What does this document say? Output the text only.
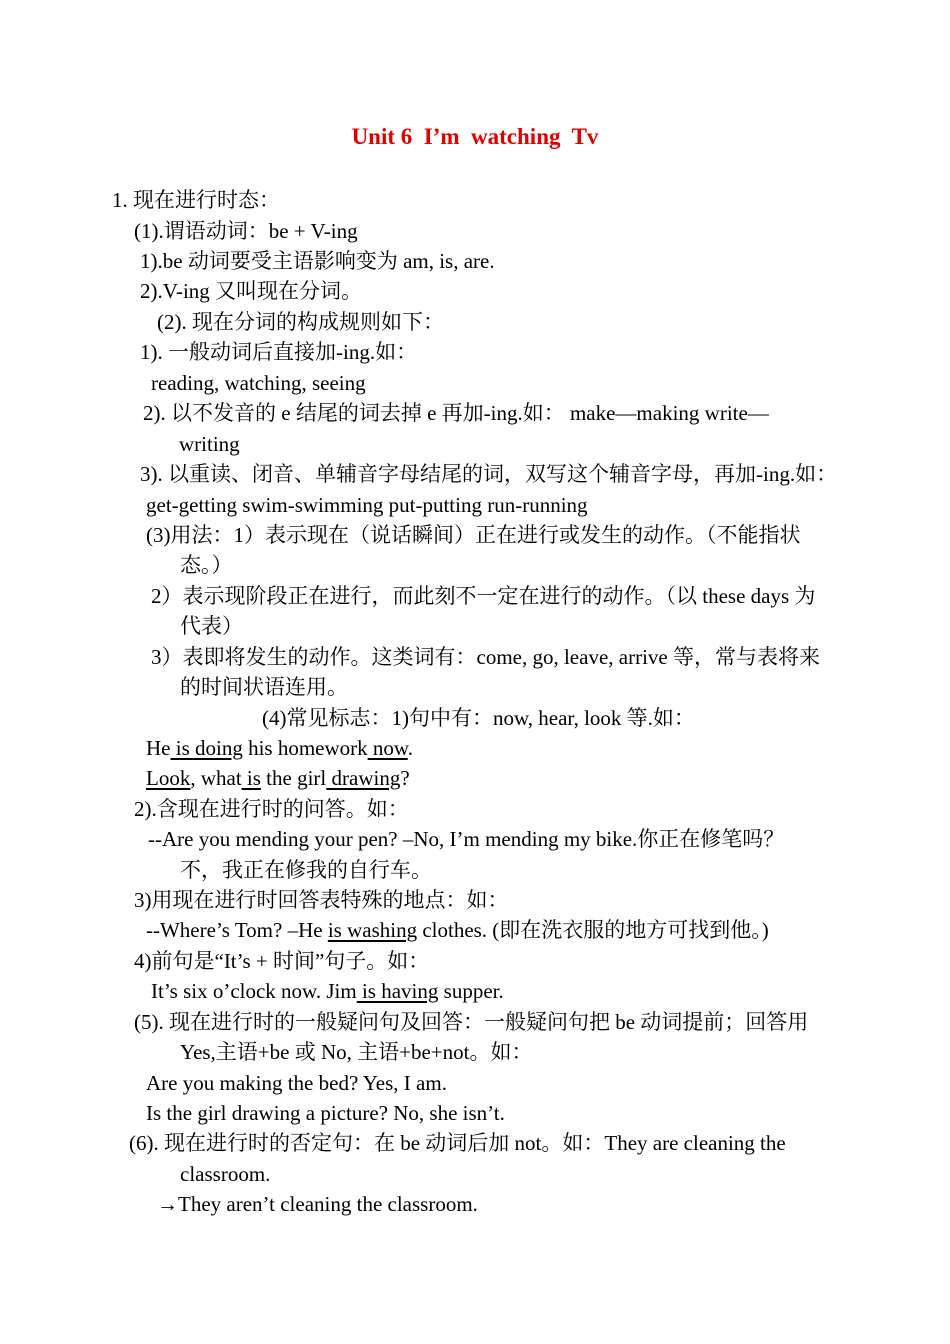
Unit 6  I’m  watching  Tv
1. 现在进行时态：
(1).谓语动词：be + V-ing
1).be 动词要受主语影响变为 am, is, are.
2).V-ing 又叫现在分词。
(2). 现在分词的构成规则如下：
1). 一般动词后直接加-ing.如：
reading, watching, seeing
2). 以不发音的 e 结尾的词去掉 e 再加-ing.如： make—making write—
writing
3). 以重读、闭音、单辅音字母结尾的词，双写这个辅音字母，再加-ing.如：
get-getting swim-swimming put-putting run-running
(3)用法：1）表示现在（说话瞬间）正在进行或发生的动作。（不能指状
态。）
2）表示现阶段正在进行，而此刻不一定在进行的动作。（以 these days 为
代表）
3）表即将发生的动作。这类词有：come, go, leave, arrive 等，常与表将来
的时间状语连用。
(4)常见标志：1)句中有：now, hear, look 等.如：
He is doing his homework now.
Look, what is the girl drawing?
2).含现在进行时的问答。如：
--Are you mending your pen? –No, I’m mending my bike.你正在修笔吗？
不，我正在修我的自行车。
3)用现在进行时回答表特殊的地点：如：
--Where’s Tom? –He is washing clothes. (即在洗衣服的地方可找到他。)
4)前句是“It’s + 时间”句子。如：
It’s six o’clock now. Jim is having supper.
(5). 现在进行时的一般疑问句及回答：一般疑问句把 be 动词提前；回答用
Yes,主语+be 或 No, 主语+be+not。如：
Are you making the bed? Yes, I am.
Is the girl drawing a picture? No, she isn’t.
(6). 现在进行时的否定句：在 be 动词后加 not。如：They are cleaning the
classroom.
→They aren’t cleaning the classroom.
